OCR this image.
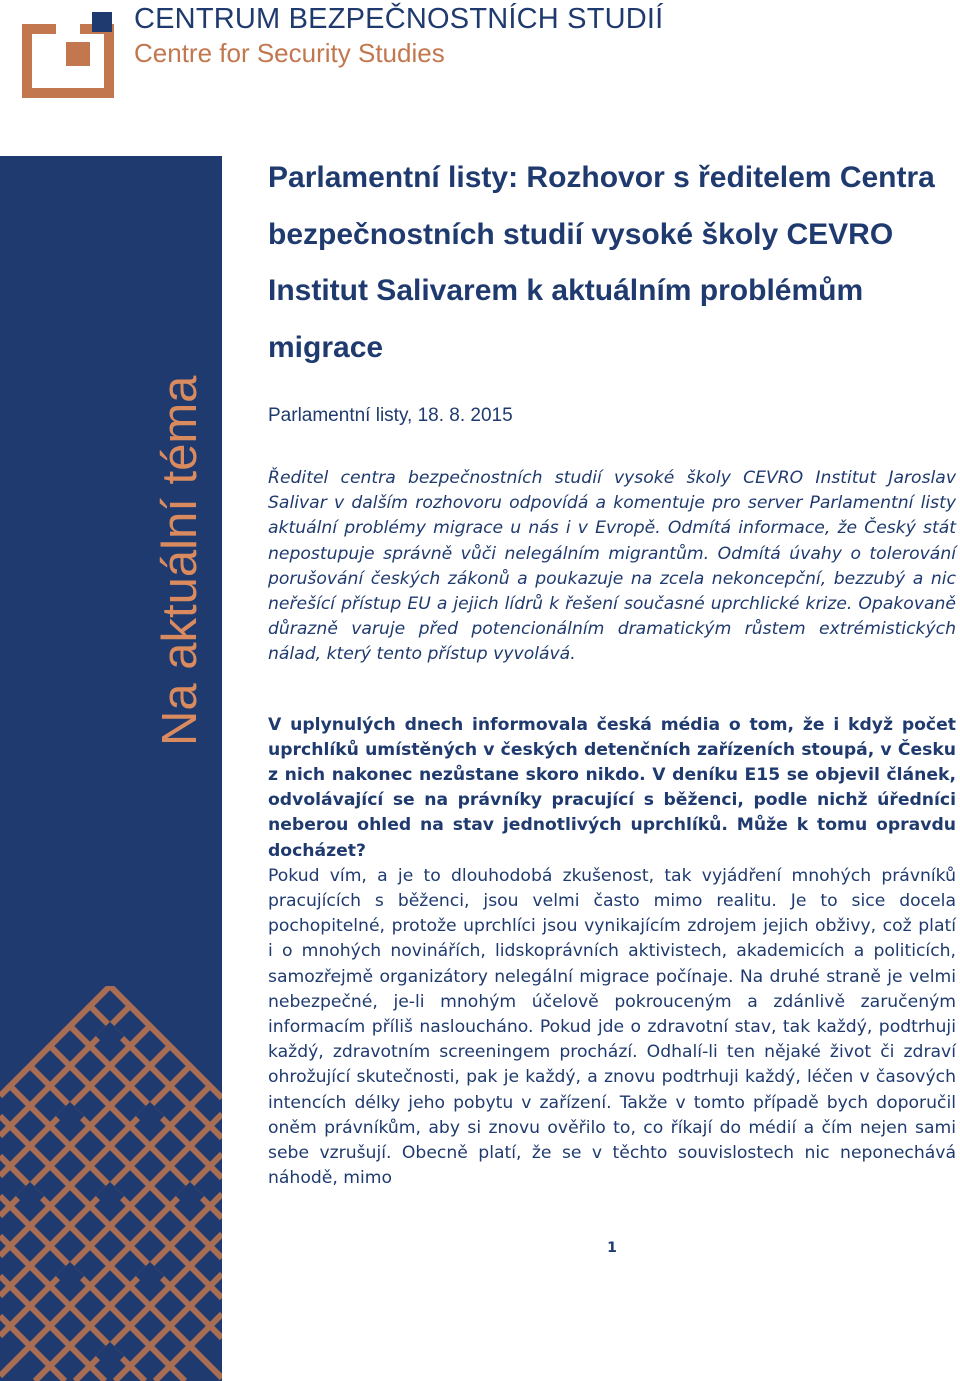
CENTRUM BEZPEČNOSTNÍCH STUDIÍ
Centre for Security Studies
Na aktuální téma
Parlamentní listy: Rozhovor s ředitelem Centra bezpečnostních studií vysoké školy CEVRO Institut Salivarem k aktuálním problémům migrace
Parlamentní listy, 18. 8. 2015
Ředitel centra bezpečnostních studií vysoké školy CEVRO Institut Jaroslav Salivar v dalším rozhovoru odpovídá a komentuje pro server Parlamentní listy aktuální problémy migrace u nás i v Evropě. Odmítá informace, že Český stát nepostupuje správně vůči nelegálním migrantům. Odmítá úvahy o tolerování porušování českých zákonů a poukazuje na zcela nekoncepční, bezzubý a nic neřešící přístup EU a jejich lídrů k řešení současné uprchlické krize. Opakovaně důrazně varuje před potencionálním dramatickým růstem extrémistických nálad, který tento přístup vyvolává.
V uplynulých dnech informovala česká média o tom, že i když počet uprchlíků umístěných v českých detenčních zařízeních stoupá, v Česku z nich nakonec nezůstane skoro nikdo. V deníku E15 se objevil článek, odvolávající se na právníky pracující s běženci, podle nichž úředníci neberou ohled na stav jednotlivých uprchlíků. Může k tomu opravdu docházet?
Pokud vím, a je to dlouhodobá zkušenost, tak vyjádření mnohých právníků pracujících s běženci, jsou velmi často mimo realitu. Je to sice docela pochopitelné, protože uprchlíci jsou vynikajícím zdrojem jejich obživy, což platí i o mnohých novinářích, lidskoprávních aktivistech, akademicích a politicích, samozřejmě organizátory nelegální migrace počínaje. Na druhé straně je velmi nebezpečné, je-li mnohým účelově pokrouceným a zdánlivě zaručeným informacím příliš nasloucháno. Pokud jde o zdravotní stav, tak každý, podtrhuji každý, zdravotním screeningem prochází. Odhalí-li ten nějaké život či zdraví ohrožující skutečnosti, pak je každý, a znovu podtrhuji každý, léčen v časových intencích délky jeho pobytu v zařízení. Takže v tomto případě bych doporučil oněm právníkům, aby si znovu ověřilo to, co říkají do médií a čím nejen sami sebe vzrušují. Obecně platí, že se v těchto souvislostech nic neponechává náhodě, mimo
1
